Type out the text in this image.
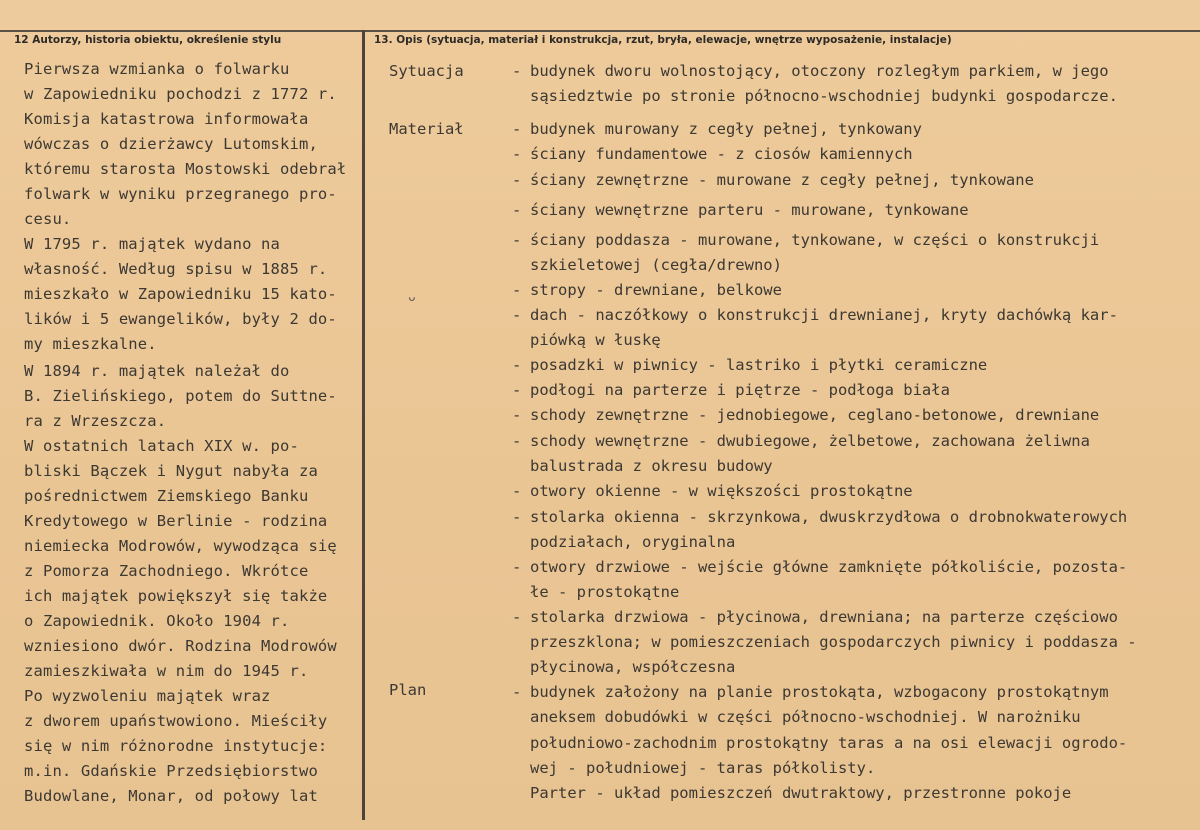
12 Autorzy, historia obiektu, określenie stylu	13. Opis (sytuacja, materiał i konstrukcja, rzut, bryła, elewacje, wnętrze wyposażenie, instalacje)
Pierwsza wzmianka o folwarku
w Zapowiedniku pochodzi z 1772 r.
Komisja katastrowa informowała
wówczas o dzierżawcy Lutomskim,
któremu starosta Mostowski odebrał
folwark w wyniku przegranego pro-
cesu.
W 1795 r. majątek wydano na
własność. Według spisu w 1885 r.
mieszkało w Zapowiedniku 15 kato-
lików i 5 ewangelików, były 2 do-
my mieszkalne.
W 1894 r. majątek należał do
B. Zielińskiego, potem do Suttne-
ra z Wrzeszcza.
W ostatnich latach XIX w. po-
bliski Bączek i Nygut nabyła za
pośrednictwem Ziemskiego Banku
Kredytowego w Berlinie - rodzina
niemiecka Modrowów, wywodząca się
z Pomorza Zachodniego. Wkrótce
ich majątek powiększył się także
o Zapowiednik. Około 1904 r.
wzniesiono dwór. Rodzina Modrowów
zamieszkiwała w nim do 1945 r.
Po wyzwoleniu majątek wraz
z dworem upaństwowiono. Mieściły
się w nim różnorodne instytucje:
m.in. Gdańskie Przedsiębiorstwo
Budowlane, Monar, od połowy lat
Sytuacja
Materiał
Plan
ᴗ
- budynek dworu wolnostojący, otoczony rozległym parkiem, w jego
sąsiedztwie po stronie północno-wschodniej budynki gospodarcze.
- budynek murowany z cegły pełnej, tynkowany
- ściany fundamentowe - z ciosów kamiennych
- ściany zewnętrzne - murowane z cegły pełnej, tynkowane
- ściany wewnętrzne parteru - murowane, tynkowane
- ściany poddasza - murowane, tynkowane, w części o konstrukcji
szkieletowej (cegła/drewno)
- stropy - drewniane, belkowe
- dach - naczółkowy o konstrukcji drewnianej, kryty dachówką kar-
piówką w łuskę
- posadzki w piwnicy - lastriko i płytki ceramiczne
- podłogi na parterze i piętrze - podłoga biała
- schody zewnętrzne - jednobiegowe, ceglano-betonowe, drewniane
- schody wewnętrzne - dwubiegowe, żelbetowe, zachowana żeliwna
balustrada z okresu budowy
- otwory okienne - w większości prostokątne
- stolarka okienna - skrzynkowa, dwuskrzydłowa o drobnokwaterowych
podziałach, oryginalna
- otwory drzwiowe - wejście główne zamknięte półkoliście, pozosta-
łe - prostokątne
- stolarka drzwiowa - płycinowa, drewniana; na parterze częściowo
przeszklona; w pomieszczeniach gospodarczych piwnicy i poddasza -
płycinowa, współczesna
- budynek założony na planie prostokąta, wzbogacony prostokątnym
aneksem dobudówki w części północno-wschodniej. W narożniku
południowo-zachodnim prostokątny taras a na osi elewacji ogrodo-
wej - południowej - taras półkolisty.
Parter - układ pomieszczeń dwutraktowy, przestronne pokoje
